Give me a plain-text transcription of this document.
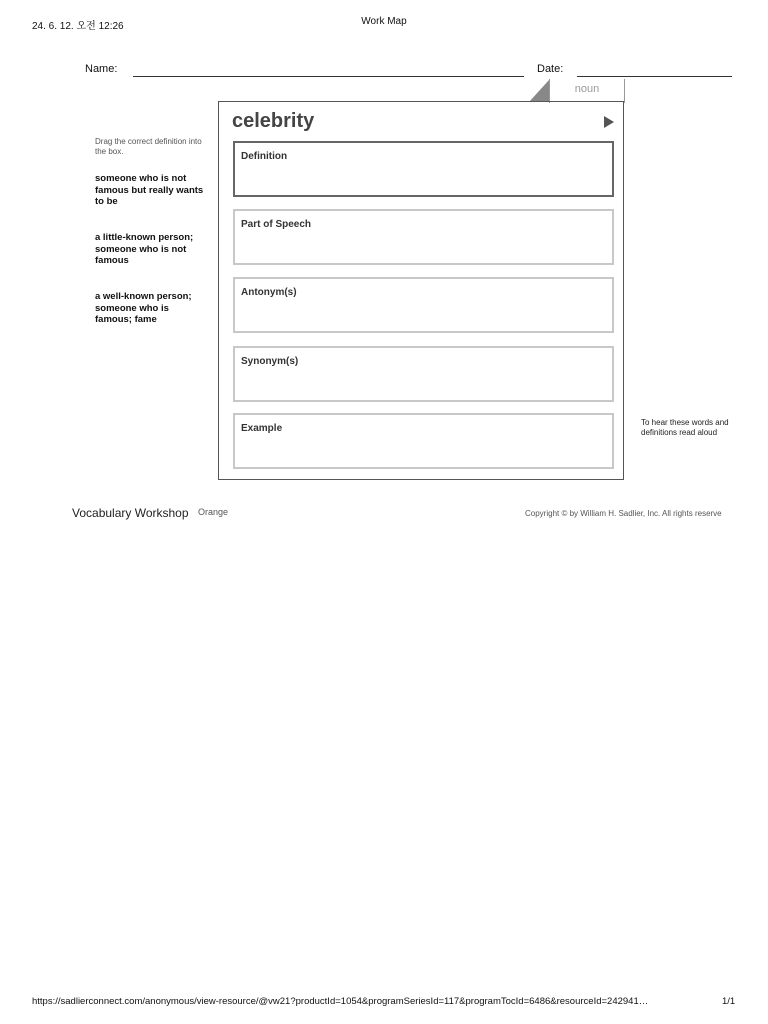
24. 6. 12. 오전 12:26	Work Map
Name:	Date:
noun
celebrity
Definition
Part of Speech
Antonym(s)
Synonym(s)
Example
Drag the correct definition into the box.
someone who is not famous but really wants to be
a little-known person; someone who is not famous
a well-known person; someone who is famous; fame
To hear these words and definitions read aloud
Vocabulary Workshop Orange	Copyright © by William H. Sadlier, Inc. All rights reserve
https://sadlierconnect.com/anonymous/view-resource/@vw21?productId=1054&programSeriesId=117&programTocId=6486&resourceId=242941…	1/1
